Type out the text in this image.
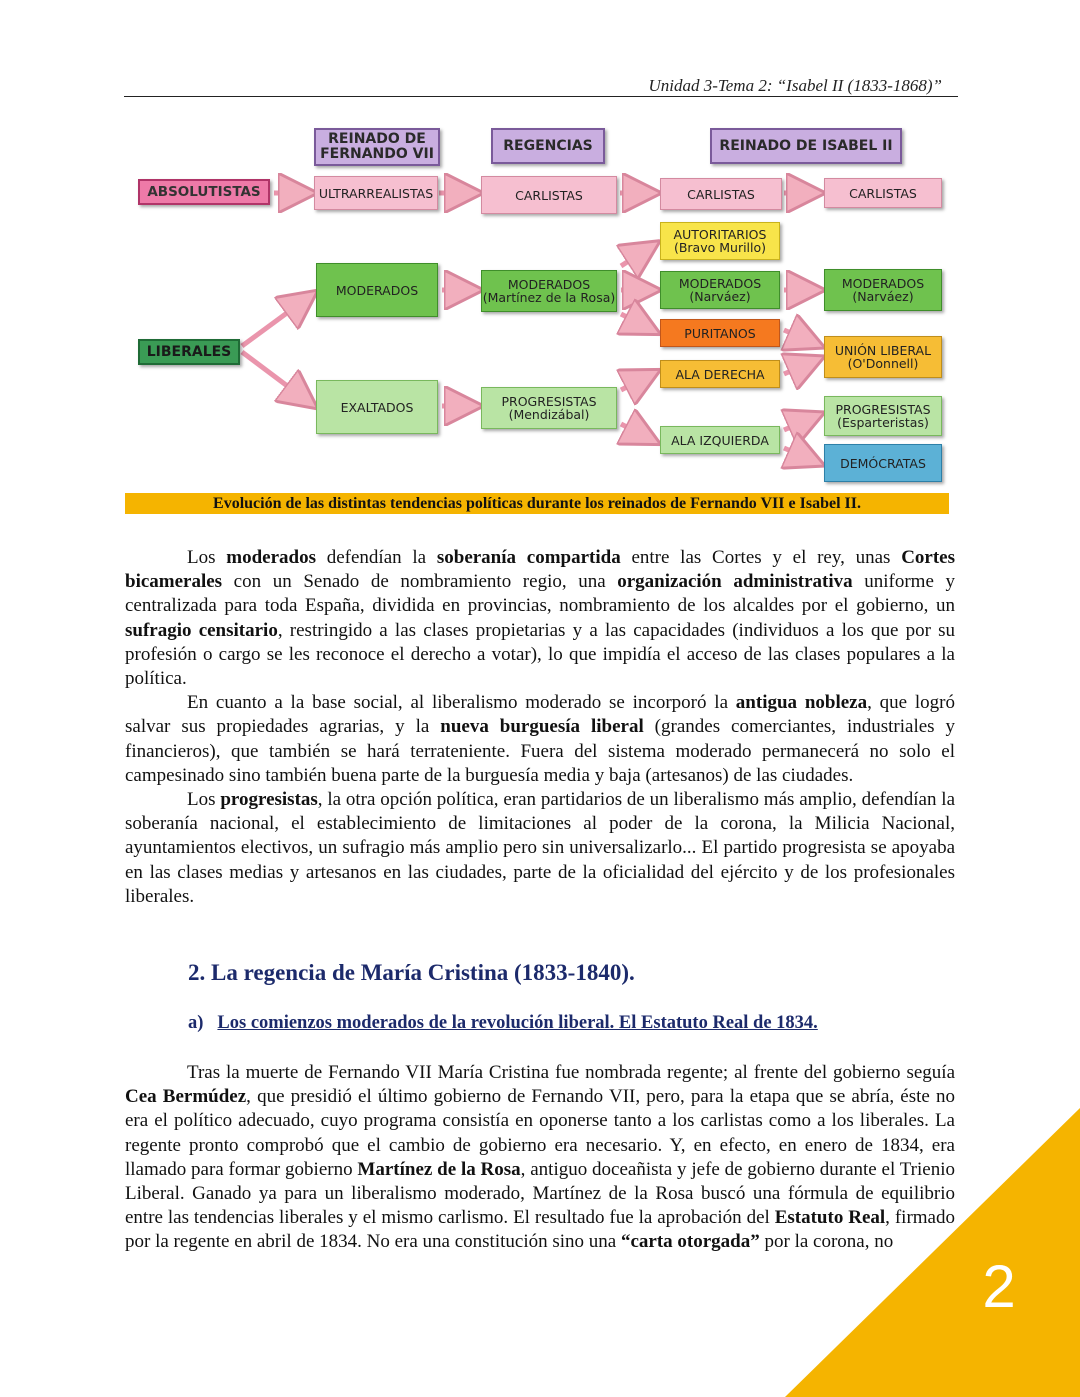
Unidad 3-Tema 2: “Isabel II (1833-1868)”
REINADO DE FERNANDO VII
REGENCIAS	REINADO DE ISABEL II
ABSOLUTISTAS	ULTRARREALISTAS	CARLISTAS	CARLISTAS	CARLISTAS
LIBERALES
MODERADOS
EXALTADOS
MODERADOS (Martínez de la Rosa)
PROGRESISTAS (Mendizábal)
AUTORITARIOS (Bravo Murillo)
MODERADOS (Narváez)
PURITANOS
ALA DERECHA
ALA IZQUIERDA
MODERADOS (Narváez)
UNIÓN LIBERAL (O'Donnell)
PROGRESISTAS (Esparteristas)
DEMÓCRATAS
Evolución de las distintas tendencias políticas durante los reinados de Fernando VII e Isabel II.

Los moderados defendían la soberanía compartida entre las Cortes y el rey, unas Cortes bicamerales con un Senado de nombramiento regio, una organización administrativa uniforme y centralizada para toda España, dividida en provincias, nombramiento de los alcaldes por el gobierno, un sufragio censitario, restringido a las clases propietarias y a las capacidades (individuos a los que por su profesión o cargo se les reconoce el derecho a votar), lo que impidía el acceso de las clases populares a la política.

En cuanto a la base social, al liberalismo moderado se incorporó la antigua nobleza, que logró salvar sus propiedades agrarias, y la nueva burguesía liberal (grandes comerciantes, industriales y financieros), que también se hará terrateniente. Fuera del sistema moderado permanecerá no solo el campesinado sino también buena parte de la burguesía media y baja (artesanos) de las ciudades.

Los progresistas, la otra opción política, eran partidarios de un liberalismo más amplio, defendían la soberanía nacional, el establecimiento de limitaciones al poder de la corona, la Milicia Nacional, ayuntamientos electivos, un sufragio más amplio pero sin universalizarlo... El partido progresista se apoyaba en las clases medias y artesanos en las ciudades, parte de la oficialidad del ejército y de los profesionales liberales.

2. La regencia de María Cristina (1833-1840).
a) Los comienzos moderados de la revolución liberal. El Estatuto Real de 1834.

Tras la muerte de Fernando VII María Cristina fue nombrada regente; al frente del gobierno seguía Cea Bermúdez, que presidió el último gobierno de Fernando VII, pero, para la etapa que se abría, éste no era el político adecuado, cuyo programa consistía en oponerse tanto a los carlistas como a los liberales. La regente pronto comprobó que el cambio de gobierno era necesario. Y, en efecto, en enero de 1834, era llamado para formar gobierno Martínez de la Rosa, antiguo doceañista y jefe de gobierno durante el Trienio Liberal. Ganado ya para un liberalismo moderado, Martínez de la Rosa buscó una fórmula de equilibrio entre las tendencias liberales y el mismo carlismo. El resultado fue la aprobación del Estatuto Real, firmado por la regente en abril de 1834. No era una constitución sino una “carta otorgada” por la corona, no

2
